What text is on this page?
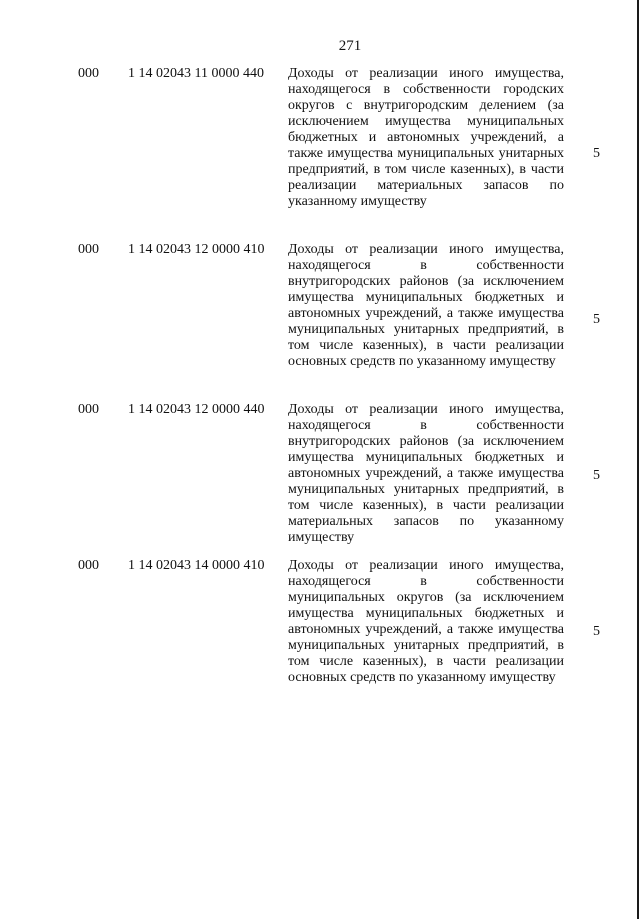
271
000 1 14 02043 11 0000 440 Доходы от реализации иного имущества, находящегося в собственности городских округов с внутригородским делением (за исключением имущества муниципальных бюджетных и автономных учреждений, а также имущества муниципальных унитарных предприятий, в том числе казенных), в части реализации материальных запасов по указанному имуществу
5
000 1 14 02043 12 0000 410 Доходы от реализации иного имущества, находящегося в собственности внутригородских районов (за исключением имущества муниципальных бюджетных и автономных учреждений, а также имущества муниципальных унитарных предприятий, в том числе казенных), в части реализации основных средств по указанному имуществу
5
000 1 14 02043 12 0000 440 Доходы от реализации иного имущества, находящегося в собственности внутригородских районов (за исключением имущества муниципальных бюджетных и автономных учреждений, а также имущества муниципальных унитарных предприятий, в том числе казенных), в части реализации материальных запасов по указанному имуществу
5
000 1 14 02043 14 0000 410 Доходы от реализации иного имущества, находящегося в собственности муниципальных округов (за исключением имущества муниципальных бюджетных и автономных учреждений, а также имущества муниципальных унитарных предприятий, в том числе казенных), в части реализации основных средств по указанному имуществу
5
